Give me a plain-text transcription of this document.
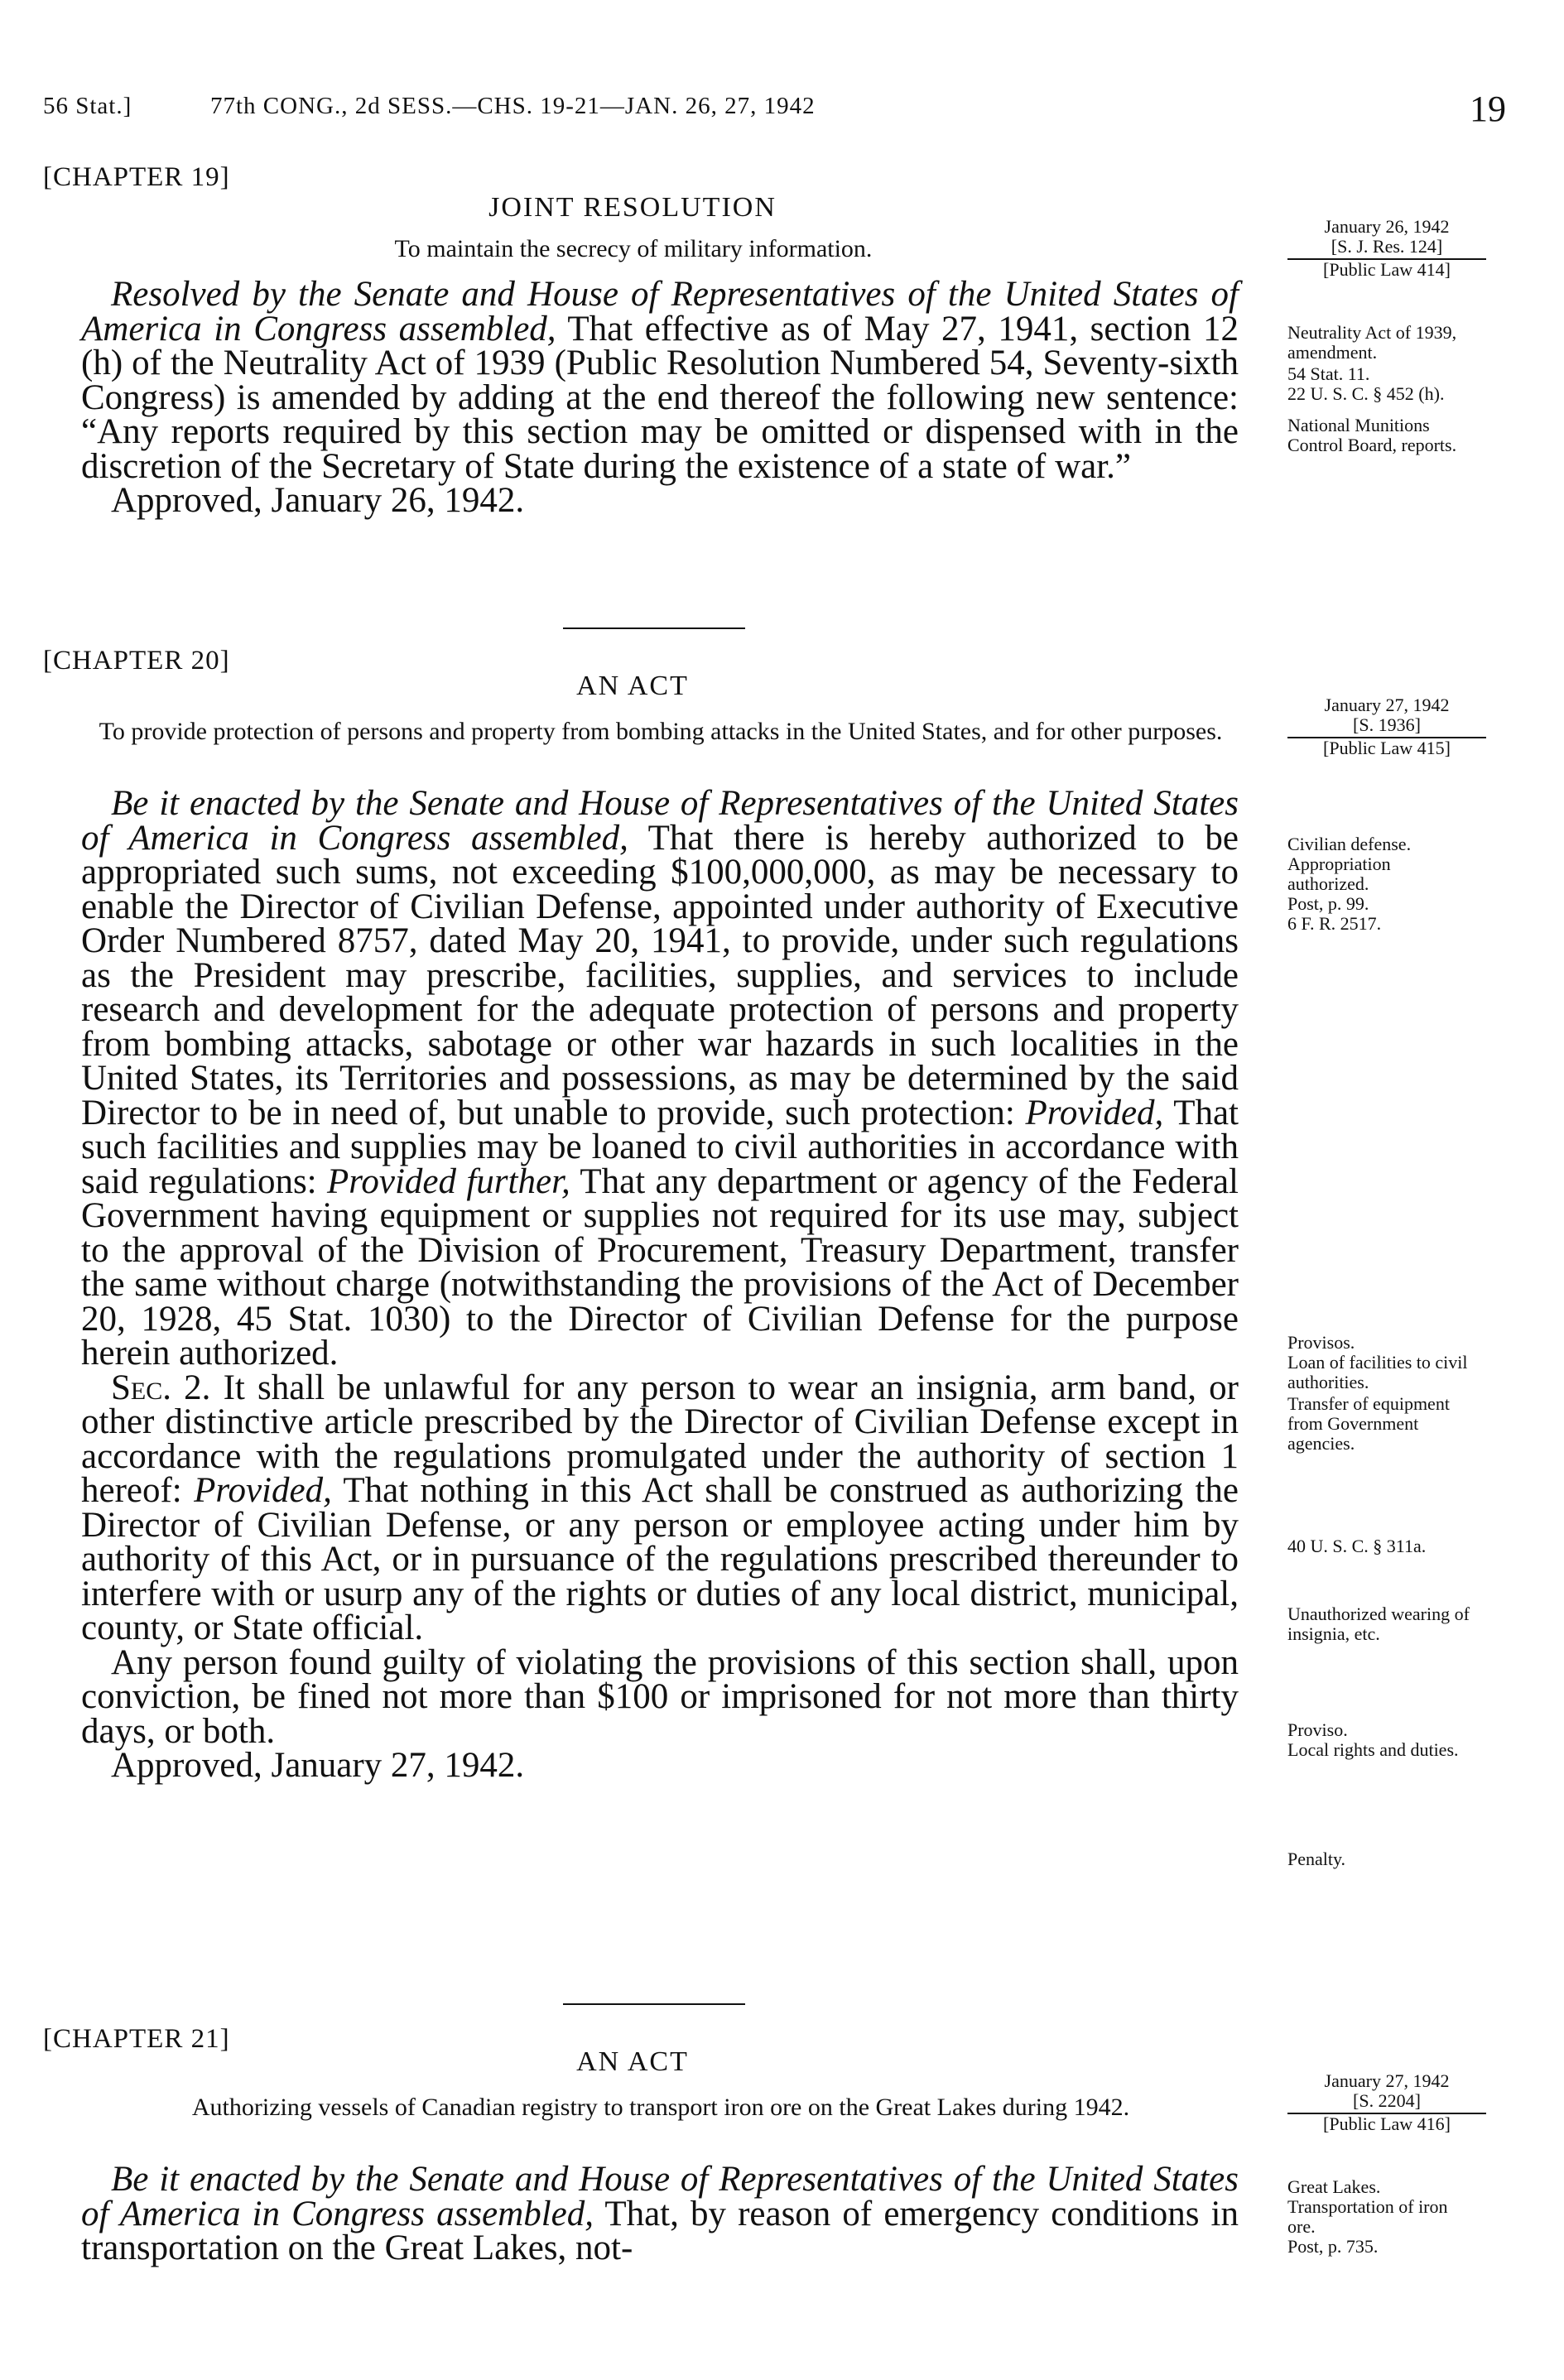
56 Stat.]	77th CONG., 2d SESS.—CHS. 19-21—JAN. 26, 27, 1942	19
[CHAPTER 19]
JOINT RESOLUTION
To maintain the secrecy of military information.
January 26, 1942
[S. J. Res. 124]
[Public Law 414]

Resolved by the Senate and House of Representatives of the United States of America in Congress assembled, That effective as of May 27, 1941, section 12 (h) of the Neutrality Act of 1939 (Public Resolution Numbered 54, Seventy-sixth Congress) is amended by adding at the end thereof the following new sentence: “Any reports required by this section may be omitted or dispensed with in the discretion of the Secretary of State during the existence of a state of war.”

Approved, January 26, 1942.

Neutrality Act of 1939, amendment.
54 Stat. 11.
22 U. S. C. § 452 (h).
National Munitions Control Board, reports.
[CHAPTER 20]
AN ACT
To provide protection of persons and property from bombing attacks in the United States, and for other purposes.
January 27, 1942
[S. 1936]
[Public Law 415]

Be it enacted by the Senate and House of Representatives of the United States of America in Congress assembled, That there is hereby authorized to be appropriated such sums, not exceeding $100,000,000, as may be necessary to enable the Director of Civilian Defense, appointed under authority of Executive Order Numbered 8757, dated May 20, 1941, to provide, under such regulations as the President may prescribe, facilities, supplies, and services to include research and development for the adequate protection of persons and property from bombing attacks, sabotage or other war hazards in such localities in the United States, its Territories and possessions, as may be determined by the said Director to be in need of, but unable to provide, such protection: Provided, That such facilities and supplies may be loaned to civil authorities in accordance with said regulations: Provided further, That any department or agency of the Federal Government having equipment or supplies not required for its use may, subject to the approval of the Division of Procurement, Treasury Department, transfer the same without charge (notwithstanding the provisions of the Act of December 20, 1928, 45 Stat. 1030) to the Director of Civilian Defense for the purpose herein authorized.

Sec. 2. It shall be unlawful for any person to wear an insignia, arm band, or other distinctive article prescribed by the Director of Civilian Defense except in accordance with the regulations promulgated under the authority of section 1 hereof: Provided, That nothing in this Act shall be construed as authorizing the Director of Civilian Defense, or any person or employee acting under him by authority of this Act, or in pursuance of the regulations prescribed thereunder to interfere with or usurp any of the rights or duties of any local district, municipal, county, or State official.

Any person found guilty of violating the provisions of this section shall, upon conviction, be fined not more than $100 or imprisoned for not more than thirty days, or both.

Approved, January 27, 1942.

Civilian defense.
Appropriation authorized.
Post, p. 99.
6 F. R. 2517.
Provisos.
Loan of facilities to civil authorities.
Transfer of equipment from Government agencies.
40 U. S. C. § 311a.
Unauthorized wearing of insignia, etc.
Proviso.
Local rights and duties.
Penalty.
[CHAPTER 21]
AN ACT
Authorizing vessels of Canadian registry to transport iron ore on the Great Lakes during 1942.
January 27, 1942
[S. 2204]
[Public Law 416]

Be it enacted by the Senate and House of Representatives of the United States of America in Congress assembled, That, by reason of emergency conditions in transportation on the Great Lakes, not-

Great Lakes.
Transportation of iron ore.
Post, p. 735.
